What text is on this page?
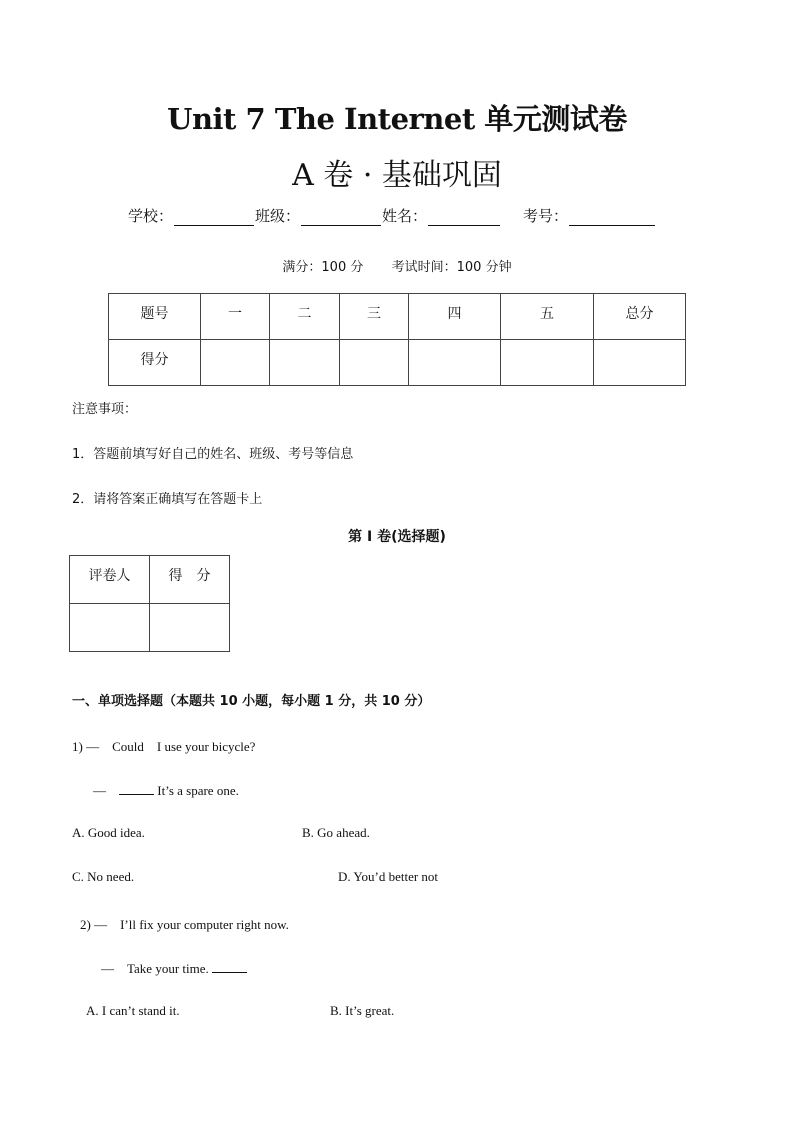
Unit 7 The Internet 单元测试卷
A 卷 · 基础巩固
学校：	班级：	姓名：	考号：
满分：100 分 考试时间：100 分钟
题号	一	二	三	四	五	总分
得分						
注意事项：
1．答题前填写好自己的姓名、班级、考号等信息
2．请将答案正确填写在答题卡上
第 I 卷(选择题)
评卷人	得　分

一、单项选择题（本题共 10 小题，每小题 1 分，共 10 分）
1) —　Could　I use your bicycle?
—　	It’s a spare one.
A. Good idea.	B. Go ahead.
C. No need.	D. You’d better not
2) —　I’ll fix your computer right now.
—　Take your time.
A. I can’t stand it.	B. It’s great.
